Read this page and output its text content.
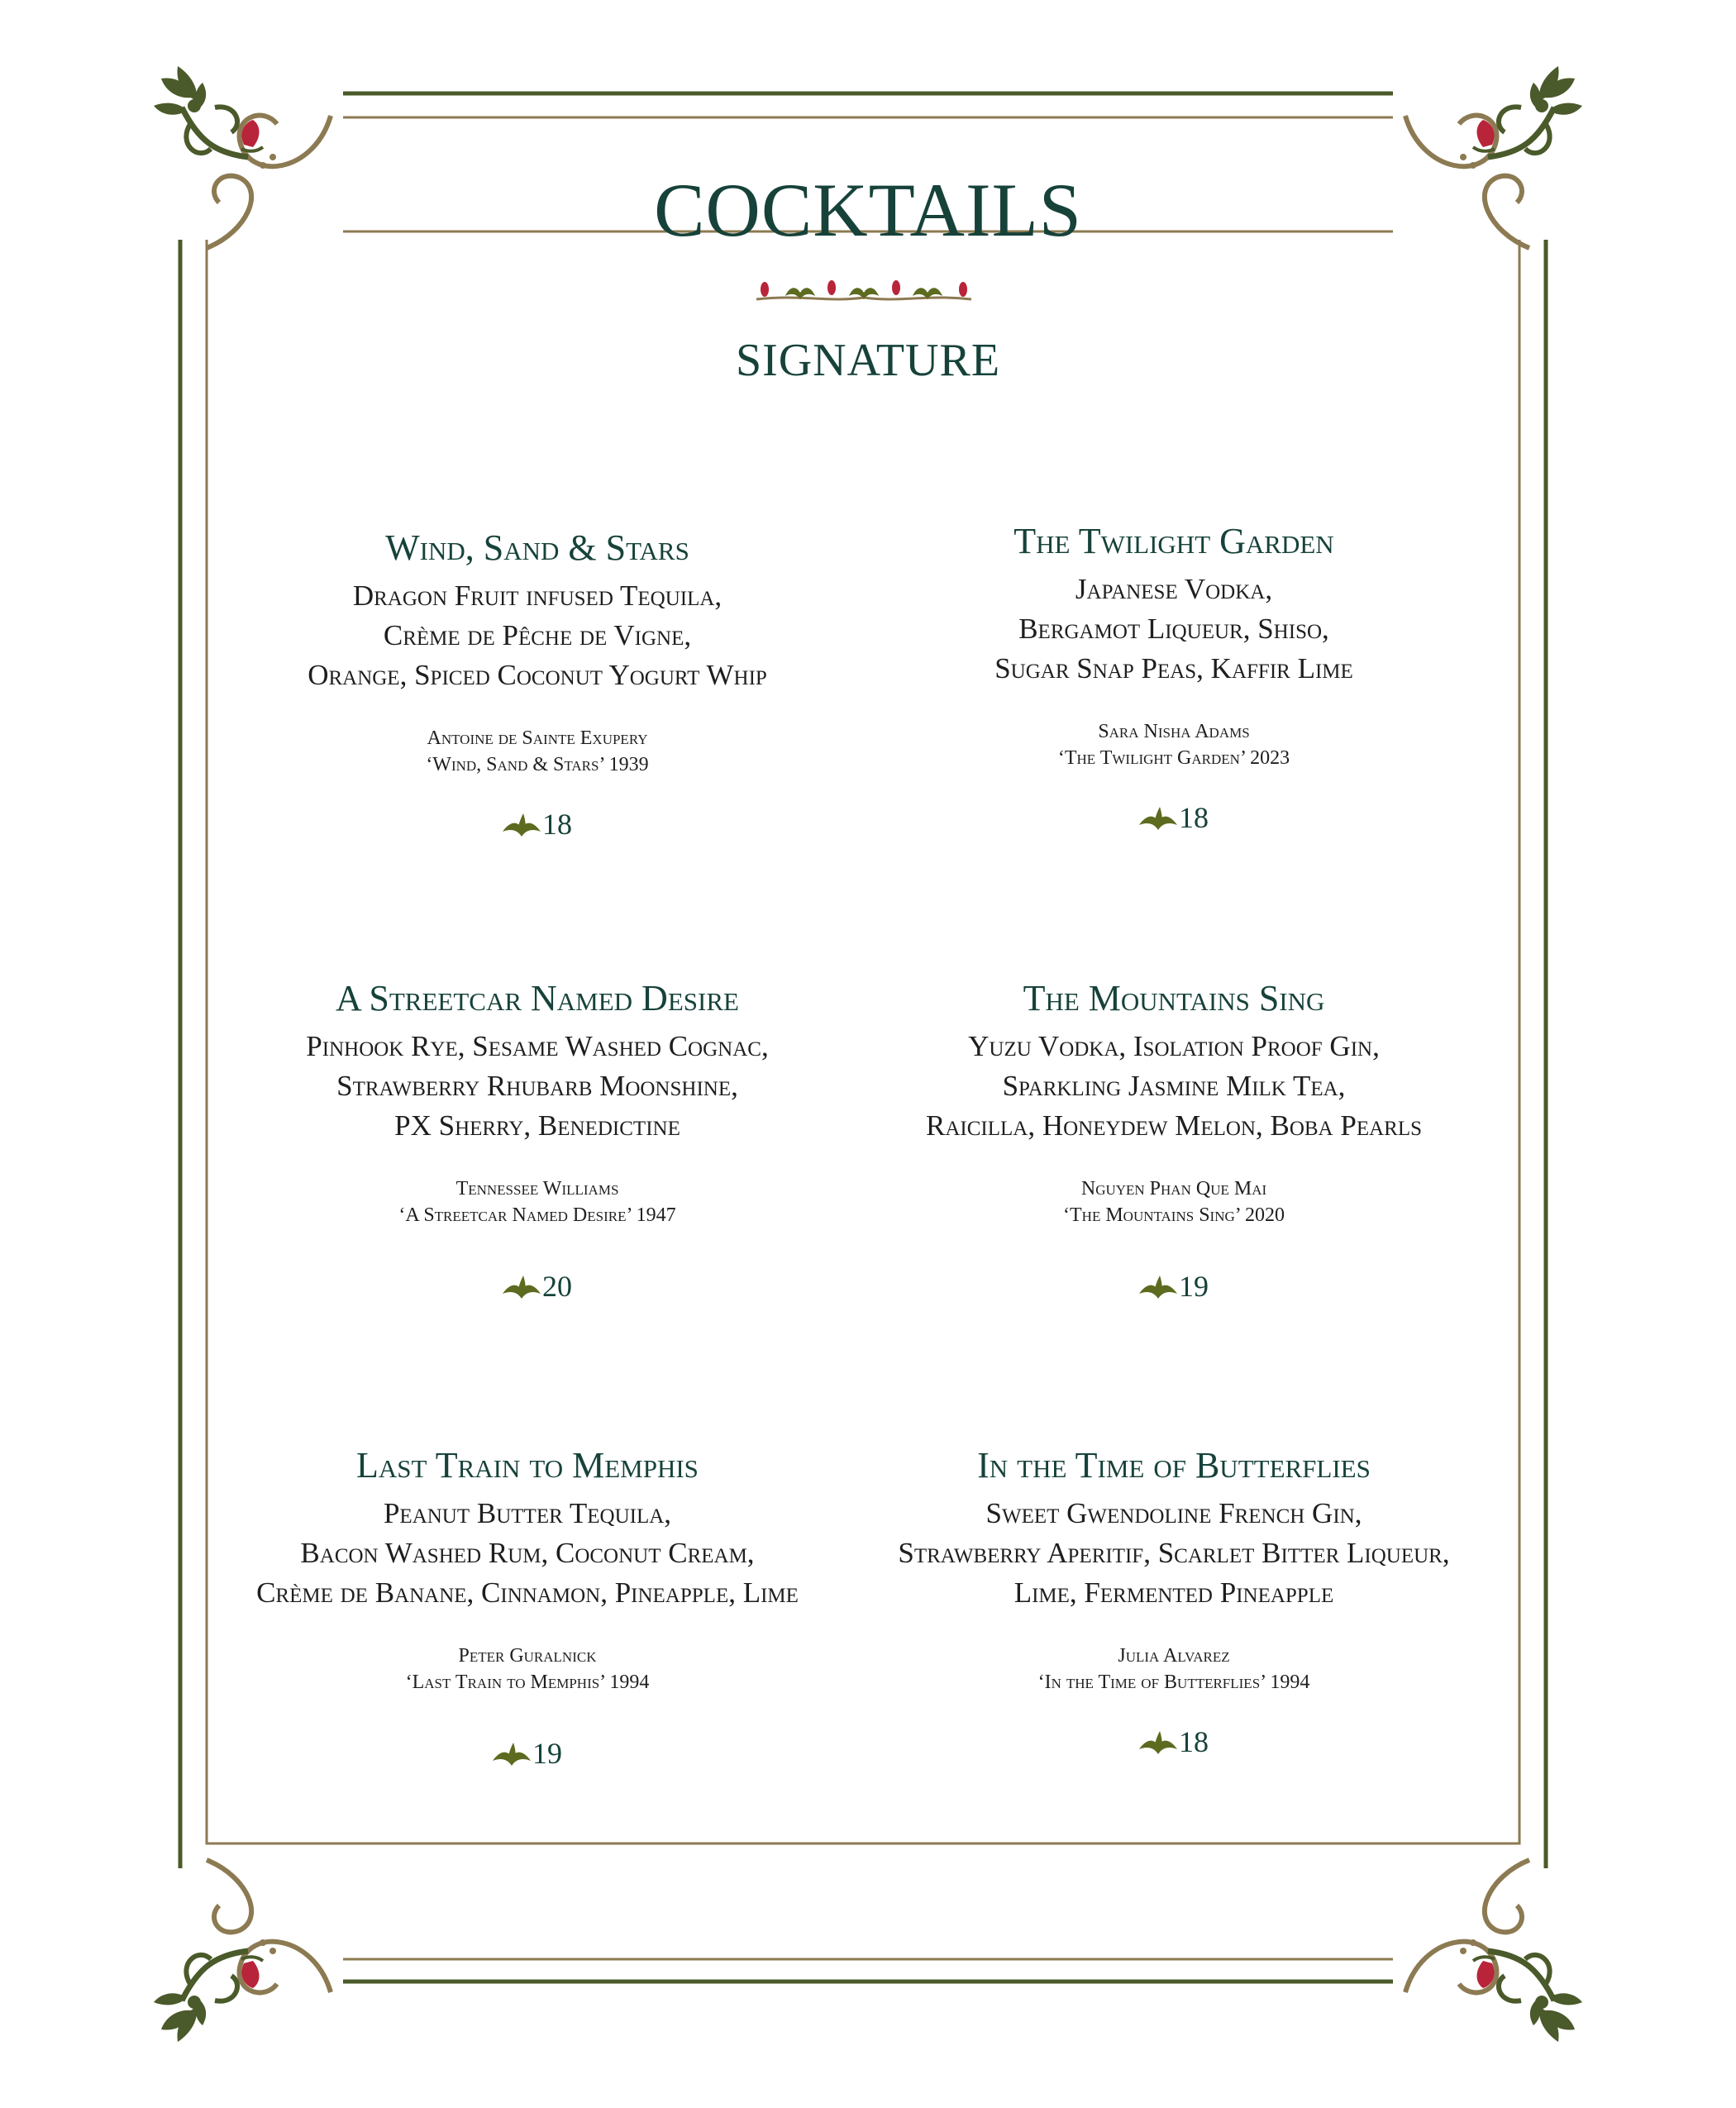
COCKTAILS
SIGNATURE
Wind, Sand & Stars
Dragon Fruit infused Tequila,
Crème de Pêche de Vigne,
Orange, Spiced Coconut Yogurt Whip
Antoine de Sainte Exupery
‘Wind, Sand & Stars’ 1939
18
The Twilight Garden
Japanese Vodka,
Bergamot Liqueur, Shiso,
Sugar Snap Peas, Kaffir Lime
Sara Nisha Adams
‘The Twilight Garden’ 2023
18
A Streetcar Named Desire
Pinhook Rye, Sesame Washed Cognac,
Strawberry Rhubarb Moonshine,
PX Sherry, Benedictine
Tennessee Williams
‘A Streetcar Named Desire’ 1947
20
The Mountains Sing
Yuzu Vodka, Isolation Proof Gin,
Sparkling Jasmine Milk Tea,
Raicilla, Honeydew Melon, Boba Pearls
Nguyen Phan Que Mai
‘The Mountains Sing’ 2020
19
Last Train to Memphis
Peanut Butter Tequila,
Bacon Washed Rum, Coconut Cream,
Crème de Banane, Cinnamon, Pineapple, Lime
Peter Guralnick
‘Last Train to Memphis’ 1994
19
In the Time of Butterflies
Sweet Gwendoline French Gin,
Strawberry Aperitif, Scarlet Bitter Liqueur,
Lime, Fermented Pineapple
Julia Alvarez
‘In the Time of Butterflies’ 1994
18
